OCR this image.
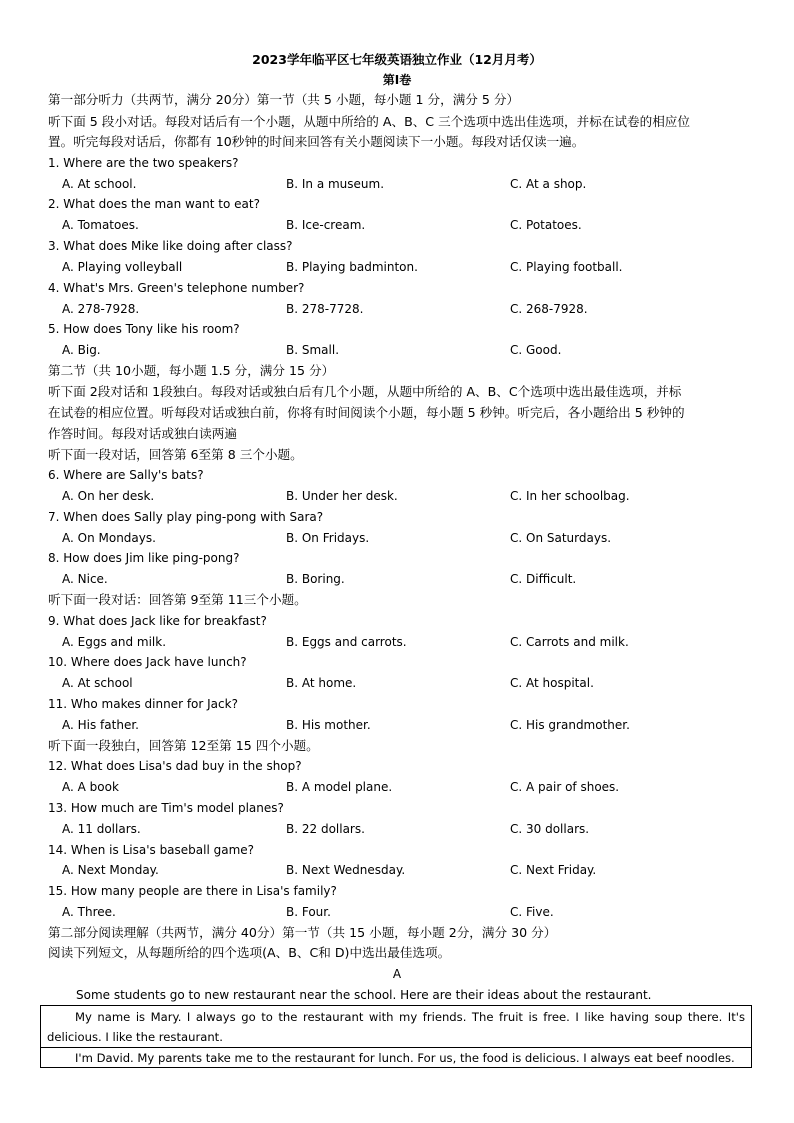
2023学年临平区七年级英语独立作业（12月月考）
第Ⅰ卷
第一部分听力（共两节，满分 20分）第一节（共 5 小题，每小题 1 分，满分 5 分）
听下面 5 段小对话。每段对话后有一个小题，从题中所给的 A、B、C 三个选项中选出佳选项，并标在试卷的相应位
置。听完每段对话后，你都有 10秒钟的时间来回答有关小题阅读下一小题。每段对话仅读一遍。
1. Where are the two speakers?
A. At school.	B. In a museum.	C. At a shop.
2. What does the man want to eat?
A. Tomatoes.	B. Ice-cream.	C. Potatoes.
3. What does Mike like doing after class?
A. Playing volleyball	B. Playing badminton.	C. Playing football.
4. What's Mrs. Green's telephone number?
A. 278-7928.	B. 278-7728.	C. 268-7928.
5. How does Tony like his room?
A. Big.	B. Small.	C. Good.
第二节（共 10小题，每小题 1.5 分，满分 15 分）
听下面 2段对话和 1段独白。每段对话或独白后有几个小题，从题中所给的 A、B、C个选项中选出最佳选项，并标
在试卷的相应位置。听每段对话或独白前，你将有时间阅读个小题，每小题 5 秒钟。听完后，各小题给出 5 秒钟的
作答时间。每段对话或独白读两遍
听下面一段对话，回答第 6至第 8 三个小题。
6. Where are Sally's bats?
A. On her desk.	B. Under her desk.	C. In her schoolbag.
7. When does Sally play ping-pong with Sara?
A. On Mondays.	B. On Fridays.	C. On Saturdays.
8. How does Jim like ping-pong?
A. Nice.	B. Boring.	C. Difficult.
听下面一段对话：回答第 9至第 11三个小题。
9. What does Jack like for breakfast?
A. Eggs and milk.	B. Eggs and carrots.	C. Carrots and milk.
10. Where does Jack have lunch?
A. At school	B. At home.	C. At hospital.
11. Who makes dinner for Jack?
A. His father.	B. His mother.	C. His grandmother.
听下面一段独白，回答第 12至第 15 四个小题。
12. What does Lisa's dad buy in the shop?
A. A book	B. A model plane.	C. A pair of shoes.
13. How much are Tim's model planes?
A. 11 dollars.	B. 22 dollars.	C. 30 dollars.
14. When is Lisa's baseball game?
A. Next Monday.	B. Next Wednesday.	C. Next Friday.
15. How many people are there in Lisa's family?
A. Three.	B. Four.	C. Five.
第二部分阅读理解（共两节，满分 40分）第一节（共 15 小题，每小题 2分，满分 30 分）
阅读下列短文，从每题所给的四个选项(A、B、C和 D)中选出最佳选项。
A
Some students go to new restaurant near the school. Here are their ideas about the restaurant.

My name is Mary. I always go to the restaurant with my friends. The fruit is free. I like having soup there. It's delicious. I like the restaurant.

I'm David. My parents take me to the restaurant for lunch. For us, the food is delicious. I always eat beef noodles.
